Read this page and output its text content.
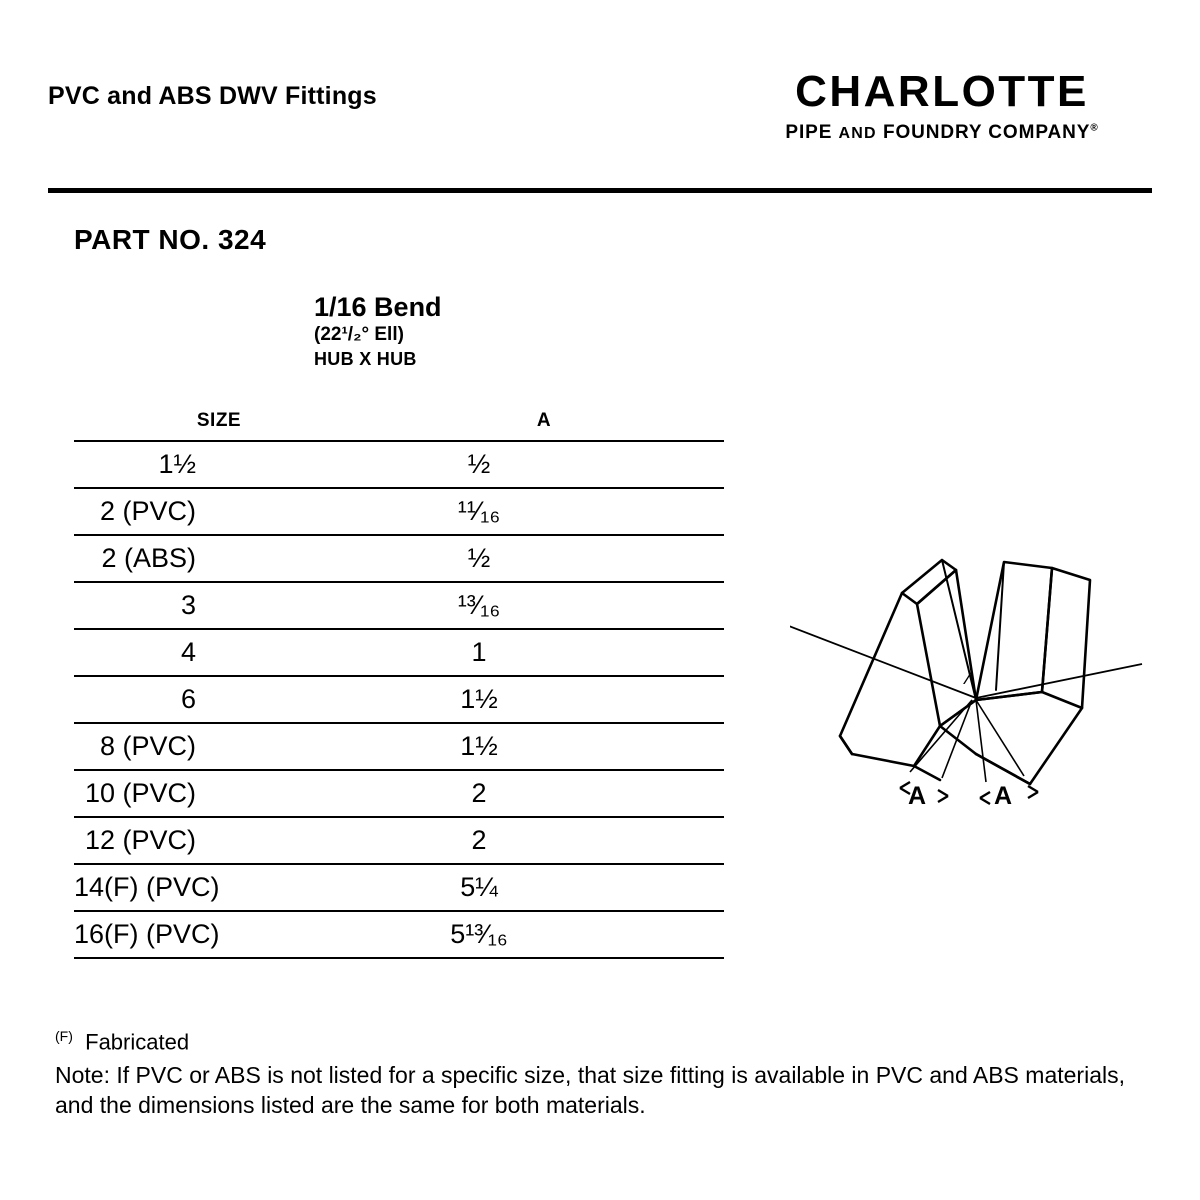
PVC and ABS DWV Fittings	CHARLOTTE
PIPE AND FOUNDRY COMPANY®
PART NO. 324
1/16 Bend
(22¹/₂° Ell)
HUB X HUB
SIZE	A
1½	½
2 (PVC)	¹¹⁄₁₆
2 (ABS)	½
3	¹³⁄₁₆
4	1
6	1½
8 (PVC)	1½
10 (PVC)	2
12 (PVC)	2
14(F) (PVC)	5¼
16(F) (PVC)	5¹³⁄₁₆
⁄
A	A
$^{(F)}$ Fabricated
Note: If PVC or ABS is not listed for a specific size, that size fitting is available in PVC and ABS materials, and the dimensions listed are the same for both materials.
